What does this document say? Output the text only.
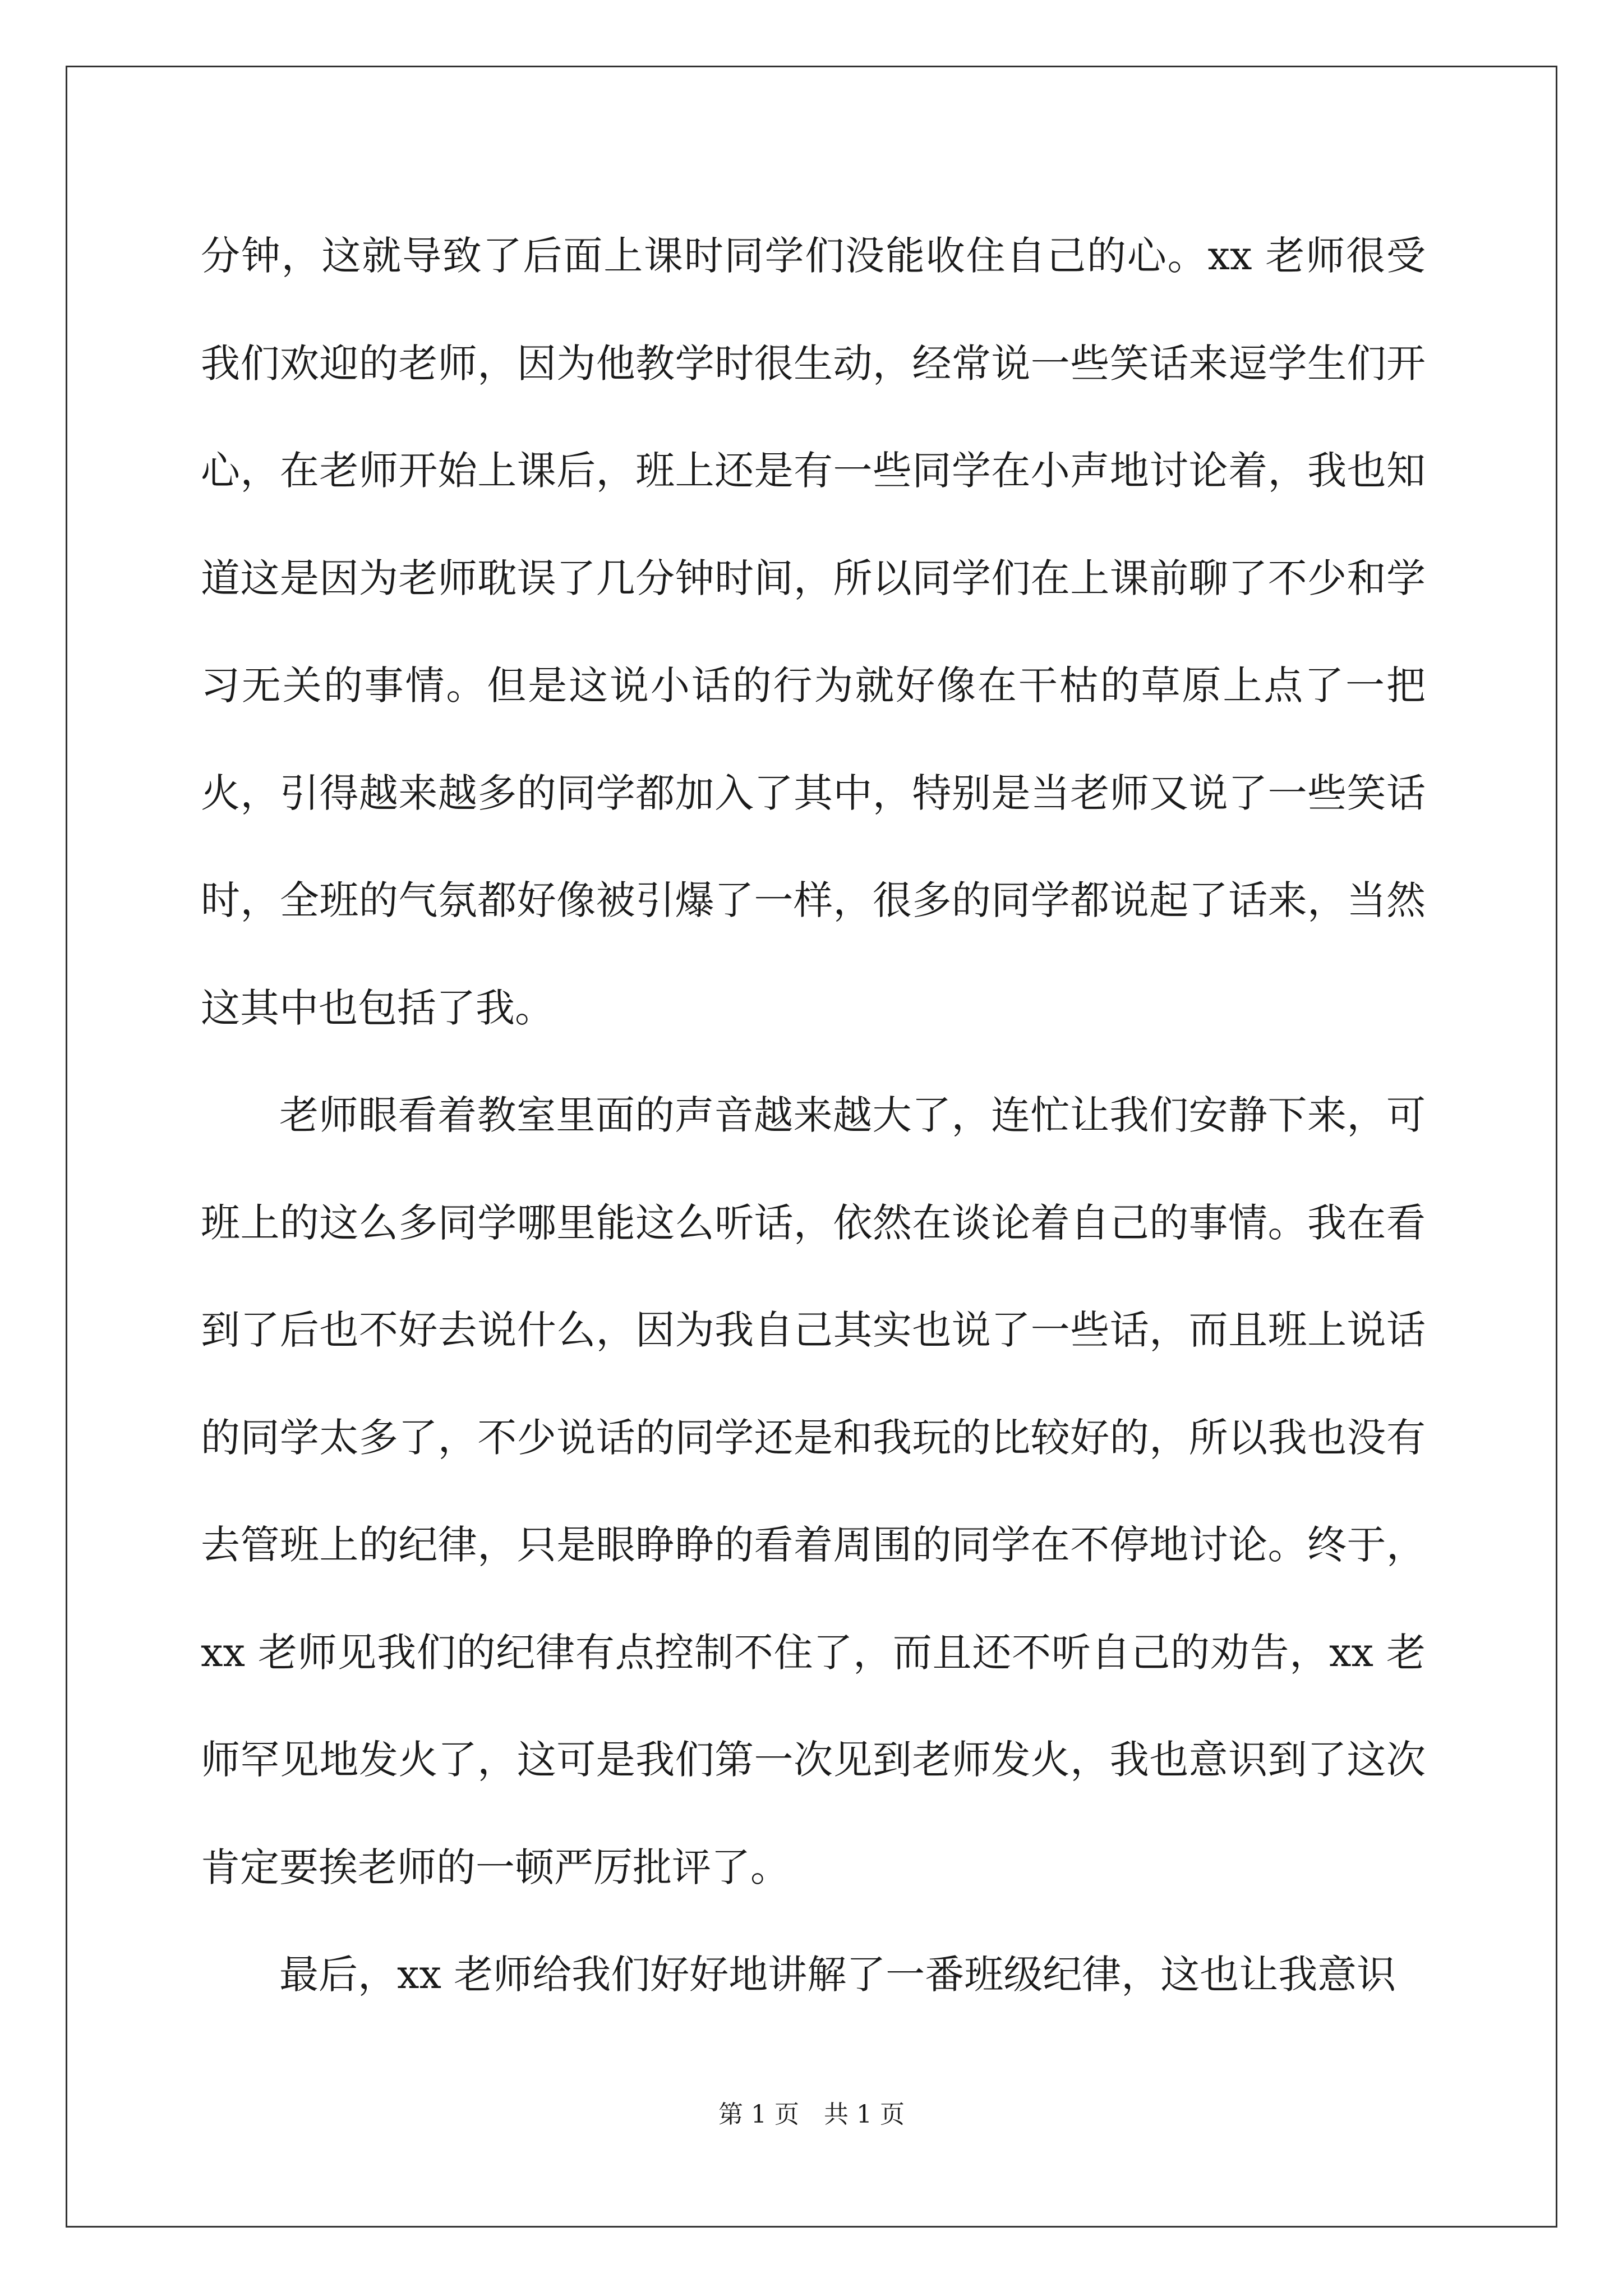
分钟，这就导致了后面上课时同学们没能收住自己的心。xx 老师很受我们欢迎的老师，因为他教学时很生动，经常说一些笑话来逗学生们开心，在老师开始上课后，班上还是有一些同学在小声地讨论着，我也知道这是因为老师耽误了几分钟时间，所以同学们在上课前聊了不少和学习无关的事情。但是这说小话的行为就好像在干枯的草原上点了一把火，引得越来越多的同学都加入了其中，特别是当老师又说了一些笑话时，全班的气氛都好像被引爆了一样，很多的同学都说起了话来，当然这其中也包括了我。

老师眼看着教室里面的声音越来越大了，连忙让我们安静下来，可班上的这么多同学哪里能这么听话，依然在谈论着自己的事情。我在看到了后也不好去说什么，因为我自己其实也说了一些话，而且班上说话的同学太多了，不少说话的同学还是和我玩的比较好的，所以我也没有去管班上的纪律，只是眼睁睁的看着周围的同学在不停地讨论。终于，xx 老师见我们的纪律有点控制不住了，而且还不听自己的劝告，xx 老师罕见地发火了，这可是我们第一次见到老师发火，我也意识到了这次肯定要挨老师的一顿严厉批评了。

最后，xx 老师给我们好好地讲解了一番班级纪律，这也让我意识

第 1 页　共 1 页
